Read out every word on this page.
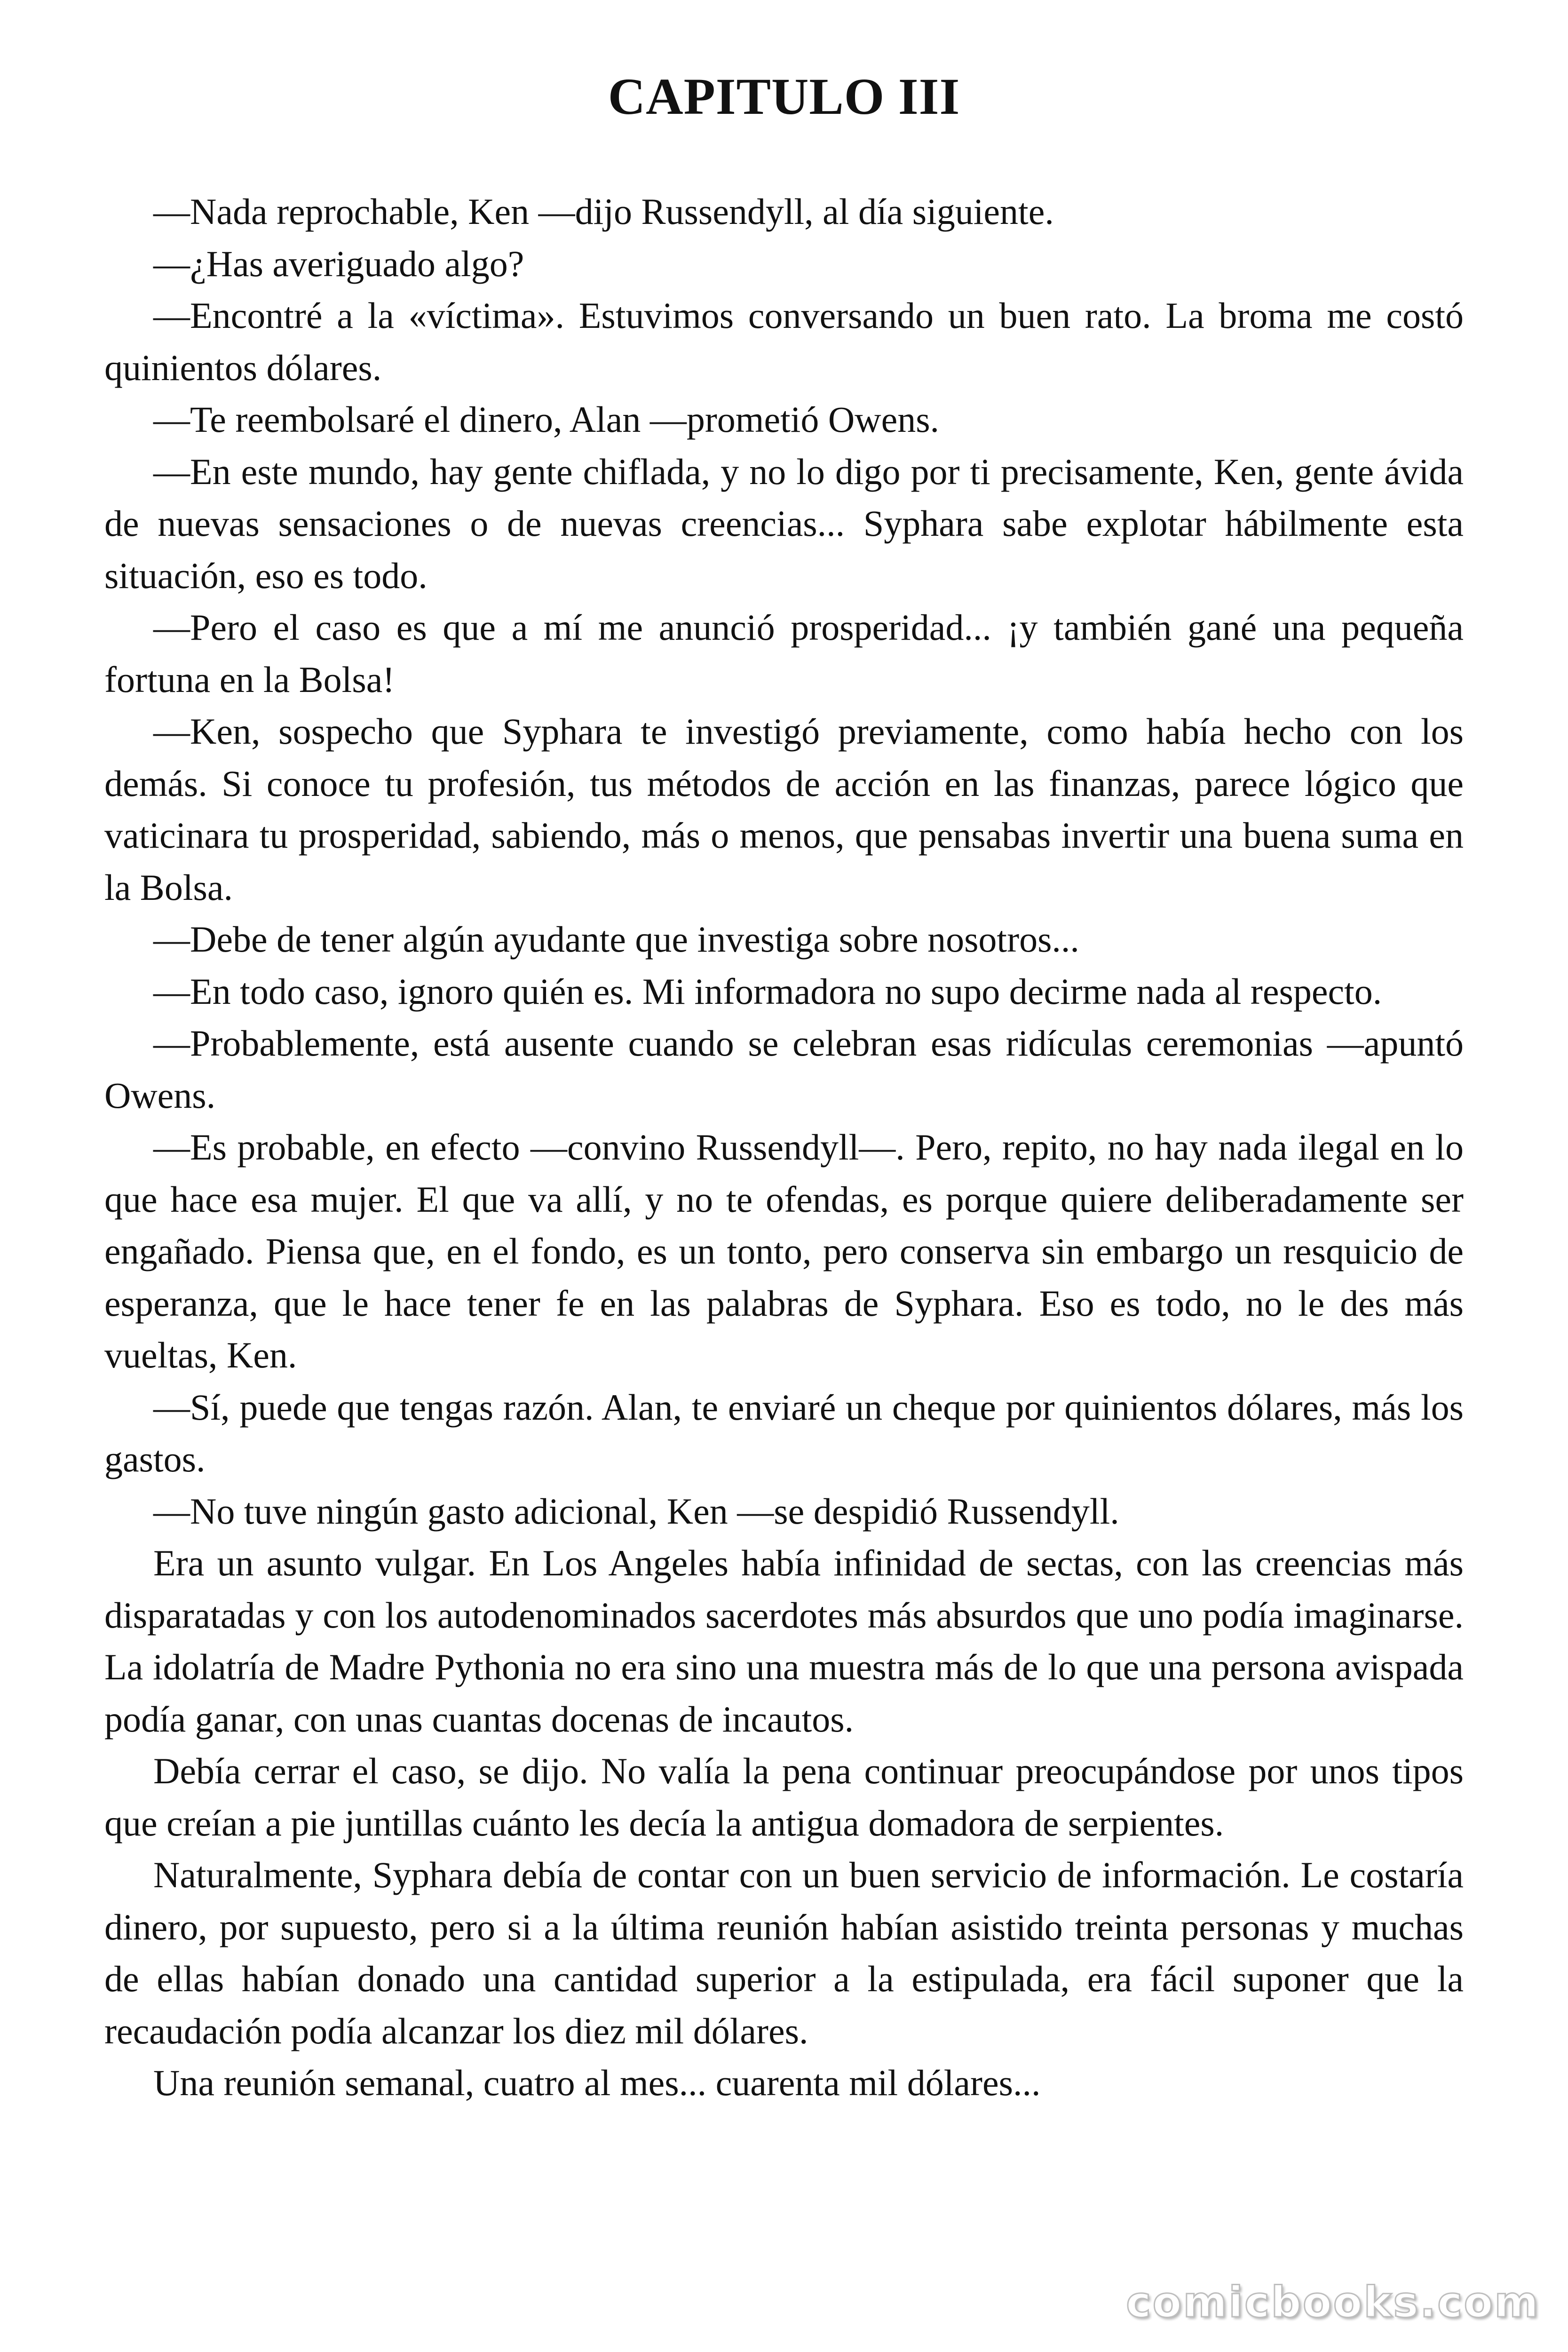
CAPITULO III

—Nada reprochable, Ken —dijo Russendyll, al día siguiente.

—¿Has averiguado algo?

—Encontré a la «víctima». Estuvimos conversando un buen rato. La broma me costó quinientos dólares.

—Te reembolsaré el dinero, Alan —prometió Owens.

—En este mundo, hay gente chiflada, y no lo digo por ti precisamente, Ken, gente ávida de nuevas sensaciones o de nuevas creencias... Syphara sabe explotar hábilmente esta situación, eso es todo.

—Pero el caso es que a mí me anunció prosperidad... ¡y también gané una pequeña fortuna en la Bolsa!

—Ken, sospecho que Syphara te investigó previamente, como había hecho con los demás. Si conoce tu profesión, tus métodos de acción en las finanzas, parece lógico que vaticinara tu prosperidad, sabiendo, más o menos, que pensabas invertir una buena suma en la Bolsa.

—Debe de tener algún ayudante que investiga sobre nosotros...

—En todo caso, ignoro quién es. Mi informadora no supo decirme nada al respecto.

—Probablemente, está ausente cuando se celebran esas ridículas ceremonias —apuntó Owens.

—Es probable, en efecto —convino Russendyll—. Pero, repito, no hay nada ilegal en lo que hace esa mujer. El que va allí, y no te ofendas, es porque quiere deliberadamente ser engañado. Piensa que, en el fondo, es un tonto, pero conserva sin embargo un resquicio de esperanza, que le hace tener fe en las palabras de Syphara. Eso es todo, no le des más vueltas, Ken.

—Sí, puede que tengas razón. Alan, te enviaré un cheque por quinientos dólares, más los gastos.

—No tuve ningún gasto adicional, Ken —se despidió Russendyll.

Era un asunto vulgar. En Los Angeles había infinidad de sectas, con las creencias más disparatadas y con los autodenominados sacerdotes más absurdos que uno podía imaginarse. La idolatría de Madre Pythonia no era sino una muestra más de lo que una persona avispada podía ganar, con unas cuantas docenas de incautos.

Debía cerrar el caso, se dijo. No valía la pena continuar preocupándose por unos tipos que creían a pie juntillas cuánto les decía la antigua domadora de serpientes.

Naturalmente, Syphara debía de contar con un buen servicio de información. Le costaría dinero, por supuesto, pero si a la última reunión habían asistido treinta personas y muchas de ellas habían donado una cantidad superior a la estipulada, era fácil suponer que la recaudación podía alcanzar los diez mil dólares.

Una reunión semanal, cuatro al mes... cuarenta mil dólares...

comicbooks.com
